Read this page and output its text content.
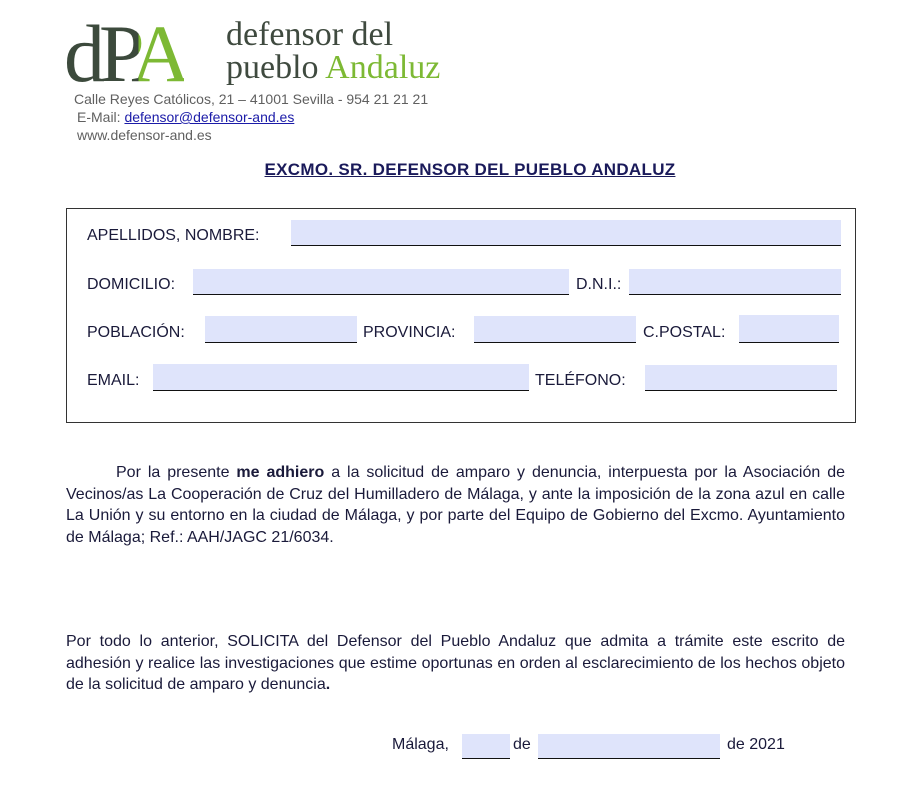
dPA defensor del
pueblo Andaluz
Calle Reyes Católicos, 21 – 41001 Sevilla - 954 21 21 21
E-Mail: defensor@defensor-and.es
www.defensor-and.es
EXCMO. SR. DEFENSOR DEL PUEBLO ANDALUZ
APELLIDOS, NOMBRE:
DOMICILIO:	D.N.I.:
POBLACIÓN:	PROVINCIA:	C.POSTAL:
EMAIL:	TELÉFONO:
Por la presente me adhiero a la solicitud de amparo y denuncia, interpuesta por la Asociación de Vecinos/as La Cooperación de Cruz del Humilladero de Málaga, y ante la imposición de la zona azul en calle La Unión y su entorno en la ciudad de Málaga, y por parte del Equipo de Gobierno del Excmo. Ayuntamiento de Málaga; Ref.: AAH/JAGC 21/6034.
Por todo lo anterior, SOLICITA del Defensor del Pueblo Andaluz que admita a trámite este escrito de adhesión y realice las investigaciones que estime oportunas en orden al esclarecimiento de los hechos objeto de la solicitud de amparo y denuncia.
Málaga,	de	de 2021
